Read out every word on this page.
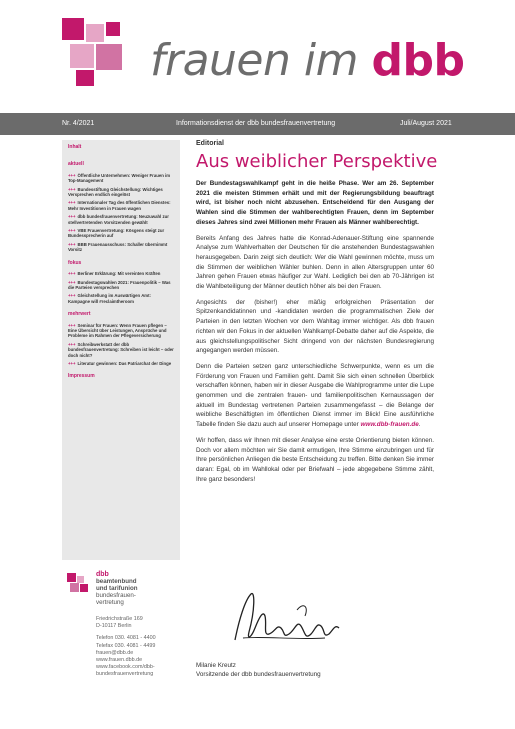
frauen im dbb
Nr. 4/2021	Informationsdienst der dbb bundesfrauenvertretung	Juli/August 2021
Inhalt
aktuell
+++ Öffentliche Unternehmen: Weniger Frauen im Top-Management
+++ Bundesstiftung Gleichstellung: Wichtiges Versprechen endlich eingelöst
+++ Internationaler Tag des öffentlichen Dienstes: Mehr Investitionen in Frauen wagen
+++ dbb bundesfrauenvertretung: Neuzuwahl zur stellvertretenden Vorsitzenden gewählt
+++ VBE Frauenvertretung: Kösgens steigt zur Bundessprecherin auf
+++ BBB Frauenausschuss: Schaller übernimmt Vorsitz
fokus
+++ Berliner Erklärung: Mit vereinten Kräften
+++ Bundestagswahlen 2021: Frauenpolitik – Was die Parteien versprechen
+++ Gleichstellung im Auswärtigen Amt: Kampagne will #reclaimtheroom
mehrwert
+++ Seminar für Frauen: Wenn Frauen pflegen – Eine Übersicht über Leistungen, Ansprüche und Probleme im Rahmen der Pflegeversicherung
+++ Schreibwerkstatt der dbb bundesfrauenvertretung: Schreiben ist leicht – oder doch nicht?
+++ Literatur gewinnen: Das Patriarchat der Dinge
Impressum
dbb
beamtenbund
und tarifunion
bundesfrauen-
vertretung
Friedrichstraße 169
D-10117 Berlin
Telefon 030. 4081 - 4400
Telefax 030. 4081 - 4499
frauen@dbb.de
www.frauen.dbb.de
www.facebook.com/dbb-
bundesfrauenvertretung
Editorial
Aus weiblicher Perspektive
Der Bundestagswahlkampf geht in die heiße Phase. Wer am 26. September 2021 die meisten Stimmen erhält und mit der Regierungsbildung beauftragt wird, ist bisher noch nicht abzusehen. Entscheidend für den Ausgang der Wahlen sind die Stimmen der wahlberechtigten Frauen, denn im September dieses Jahres sind zwei Millionen mehr Frauen als Männer wahlberechtigt.
Bereits Anfang des Jahres hatte die Konrad-Adenauer-Stiftung eine spannende Analyse zum Wahlverhalten der Deutschen für die anstehenden Bundestagswahlen herausgegeben. Darin zeigt sich deutlich: Wer die Wahl gewinnen möchte, muss um die Stimmen der weiblichen Wähler buhlen. Denn in allen Altersgruppen unter 60 Jahren gehen Frauen etwas häufiger zur Wahl. Lediglich bei den ab 70-Jährigen ist die Wahlbeteiligung der Männer deutlich höher als bei den Frauen.
Angesichts der (bisher!) eher mäßig erfolgreichen Präsentation der Spitzenkandidatinnen und -kandidaten werden die programmatischen Ziele der Parteien in den letzten Wochen vor dem Wahltag immer wichtiger. Als dbb frauen richten wir den Fokus in der aktuellen Wahlkampf-Debatte daher auf die Aspekte, die aus gleichstellungspolitischer Sicht dringend von der nächsten Bundesregierung angegangen werden müssen.
Denn die Parteien setzen ganz unterschiedliche Schwerpunkte, wenn es um die Förderung von Frauen und Familien geht. Damit Sie sich einen schnellen Überblick verschaffen können, haben wir in dieser Ausgabe die Wahlprogramme unter die Lupe genommen und die zentralen frauen- und familienpolitischen Kernaussagen der aktuell im Bundestag vertretenen Parteien zusammengefasst – die Belange der weibliche Beschäftigten im öffentlichen Dienst immer im Blick! Eine ausführliche Tabelle finden Sie dazu auch auf unserer Homepage unter www.dbb-frauen.de.
Wir hoffen, dass wir Ihnen mit dieser Analyse eine erste Orientierung bieten können. Doch vor allem möchten wir Sie damit ermutigen, Ihre Stimme einzubringen und für Ihre persönlichen Anliegen die beste Entscheidung zu treffen. Bitte denken Sie immer daran: Egal, ob im Wahllokal oder per Briefwahl – jede abgegebene Stimme zählt, Ihre ganz besonders!
Milanie Kreutz
Vorsitzende der dbb bundesfrauenvertretung
